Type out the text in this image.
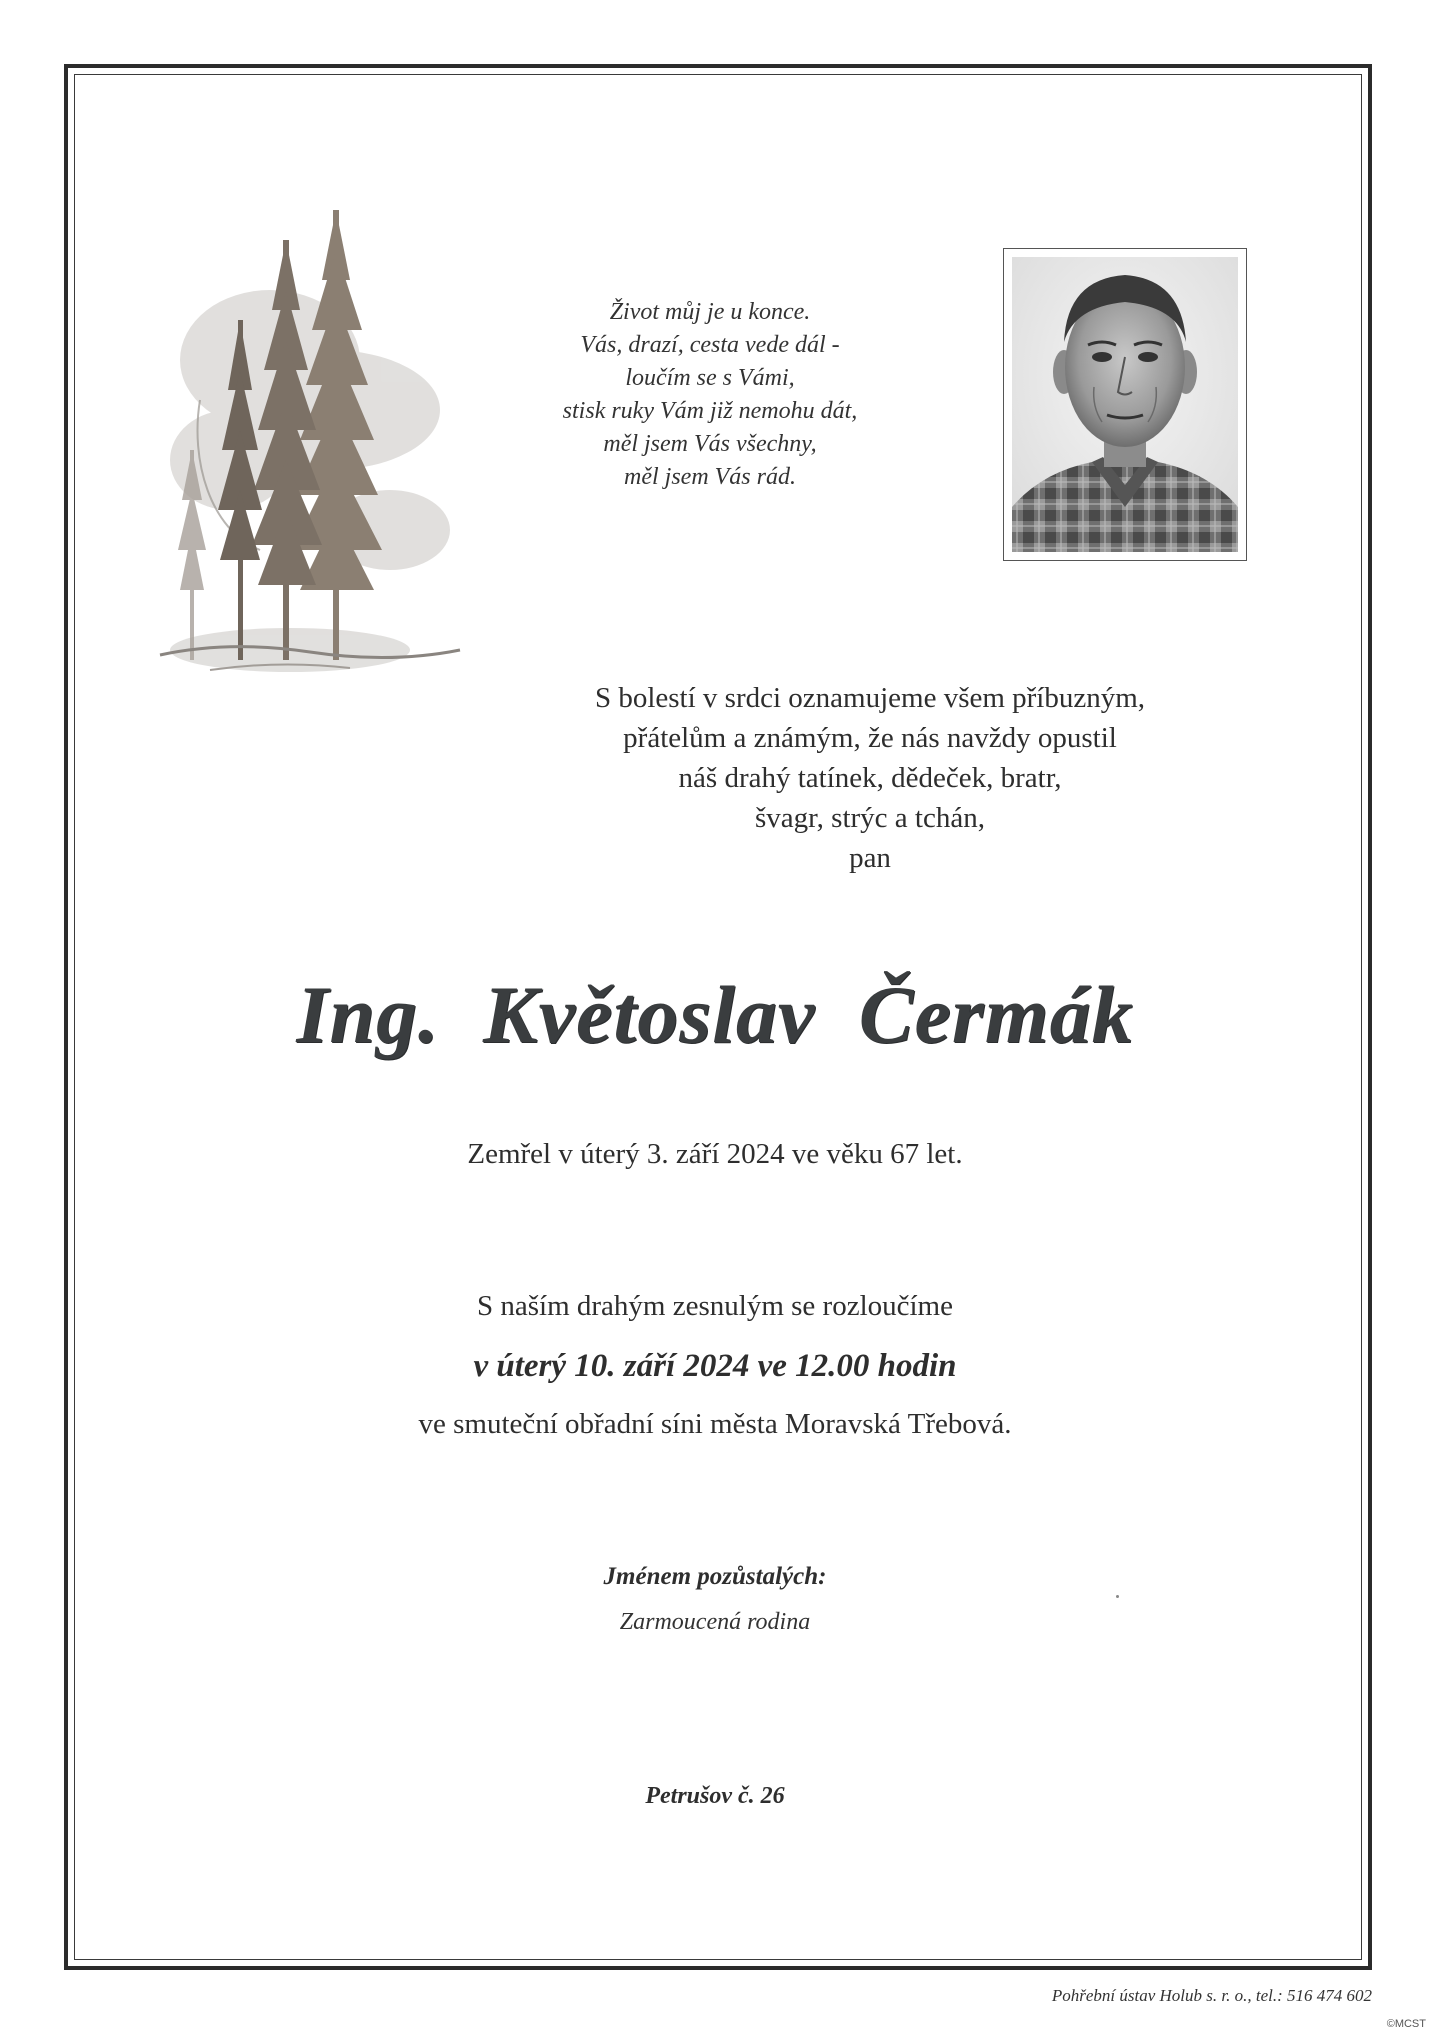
Život můj je u konce.
Vás, drazí, cesta vede dál -
loučím se s Vámi,
stisk ruky Vám již nemohu dát,
měl jsem Vás všechny,
měl jsem Vás rád.
S bolestí v srdci oznamujeme všem příbuzným,
přátelům a známým, že nás navždy opustil
náš drahý tatínek, dědeček, bratr,
švagr, strýc a tchán,
pan
Ing. Květoslav Čermák
Zemřel v úterý 3. září 2024 ve věku 67 let.
S naším drahým zesnulým se rozloučíme
v úterý 10. září 2024 ve 12.00 hodin
ve smuteční obřadní síni města Moravská Třebová.
Jménem pozůstalých:
Zarmoucená rodina
Petrušov č. 26
Pohřební ústav Holub s. r. o., tel.: 516 474 602
©MCST
